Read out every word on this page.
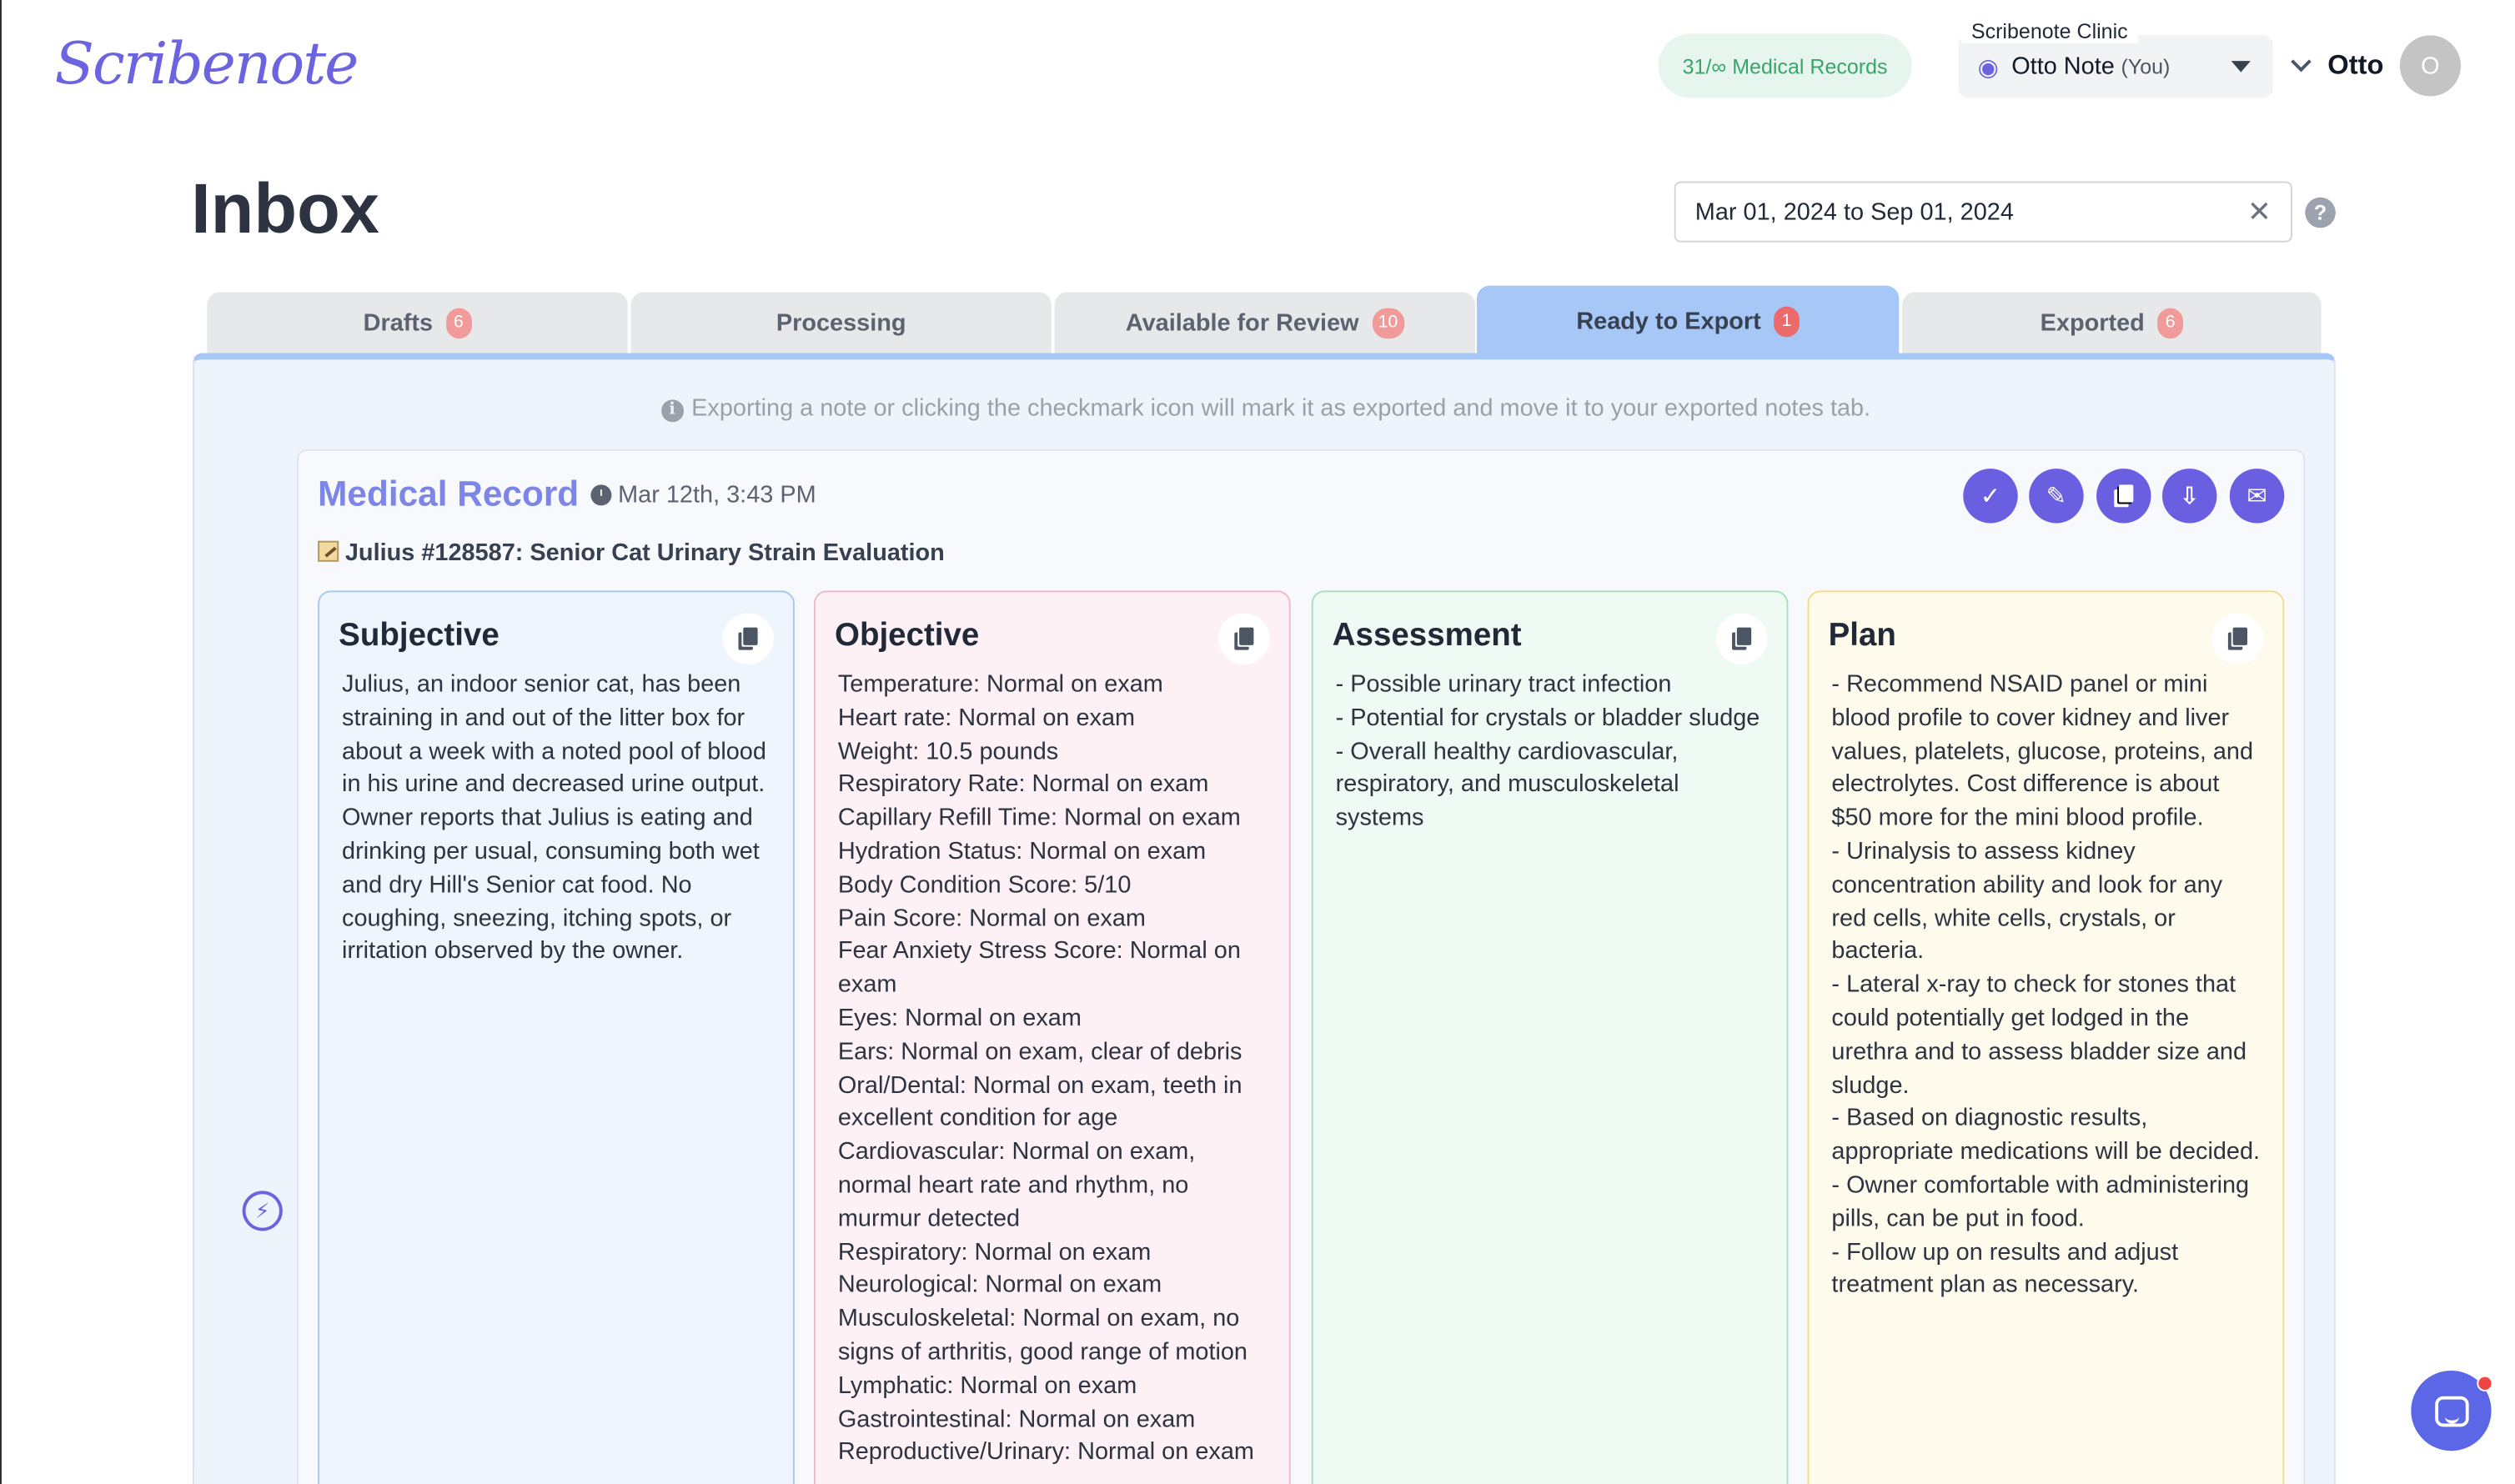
Scribenote	31/∞ Medical Records
Scribenote Clinic
◉ Otto Note (You)	Otto	O
Inbox	Mar 01, 2024 to Sep 01, 2024	✕	?
Drafts	6	Processing	Available for Review	10	Ready to Export	1	Exported	6
i Exporting a note or clicking the checkmark icon will mark it as exported and move it to your exported notes tab.
⚡
Medical Record	Mar 12th, 3:43 PM
Julius #128587: Senior Cat Urinary Strain Evaluation
✓	✎	⇩	✉
Subjective
Julius, an indoor senior cat, has been straining in and out of the litter box for about a week with a noted pool of blood in his urine and decreased urine output. Owner reports that Julius is eating and drinking per usual, consuming both wet and dry Hill's Senior cat food. No coughing, sneezing, itching spots, or irritation observed by the owner.
Objective
Temperature: Normal on exam
Heart rate: Normal on exam
Weight: 10.5 pounds
Respiratory Rate: Normal on exam
Capillary Refill Time: Normal on exam
Hydration Status: Normal on exam
Body Condition Score: 5/10
Pain Score: Normal on exam
Fear Anxiety Stress Score: Normal on exam
Eyes: Normal on exam
Ears: Normal on exam, clear of debris
Oral/Dental: Normal on exam, teeth in excellent condition for age
Cardiovascular: Normal on exam, normal heart rate and rhythm, no murmur detected
Respiratory: Normal on exam
Neurological: Normal on exam
Musculoskeletal: Normal on exam, no signs of arthritis, good range of motion
Lymphatic: Normal on exam
Gastrointestinal: Normal on exam
Reproductive/Urinary: Normal on exam
Assessment
- Possible urinary tract infection
- Potential for crystals or bladder sludge
- Overall healthy cardiovascular, respiratory, and musculoskeletal systems
Plan
- Recommend NSAID panel or mini blood profile to cover kidney and liver values, platelets, glucose, proteins, and electrolytes. Cost difference is about $50 more for the mini blood profile.
- Urinalysis to assess kidney concentration ability and look for any red cells, white cells, crystals, or bacteria.
- Lateral x-ray to check for stones that could potentially get lodged in the urethra and to assess bladder size and sludge.
- Based on diagnostic results, appropriate medications will be decided.
- Owner comfortable with administering pills, can be put in food.
- Follow up on results and adjust treatment plan as necessary.
